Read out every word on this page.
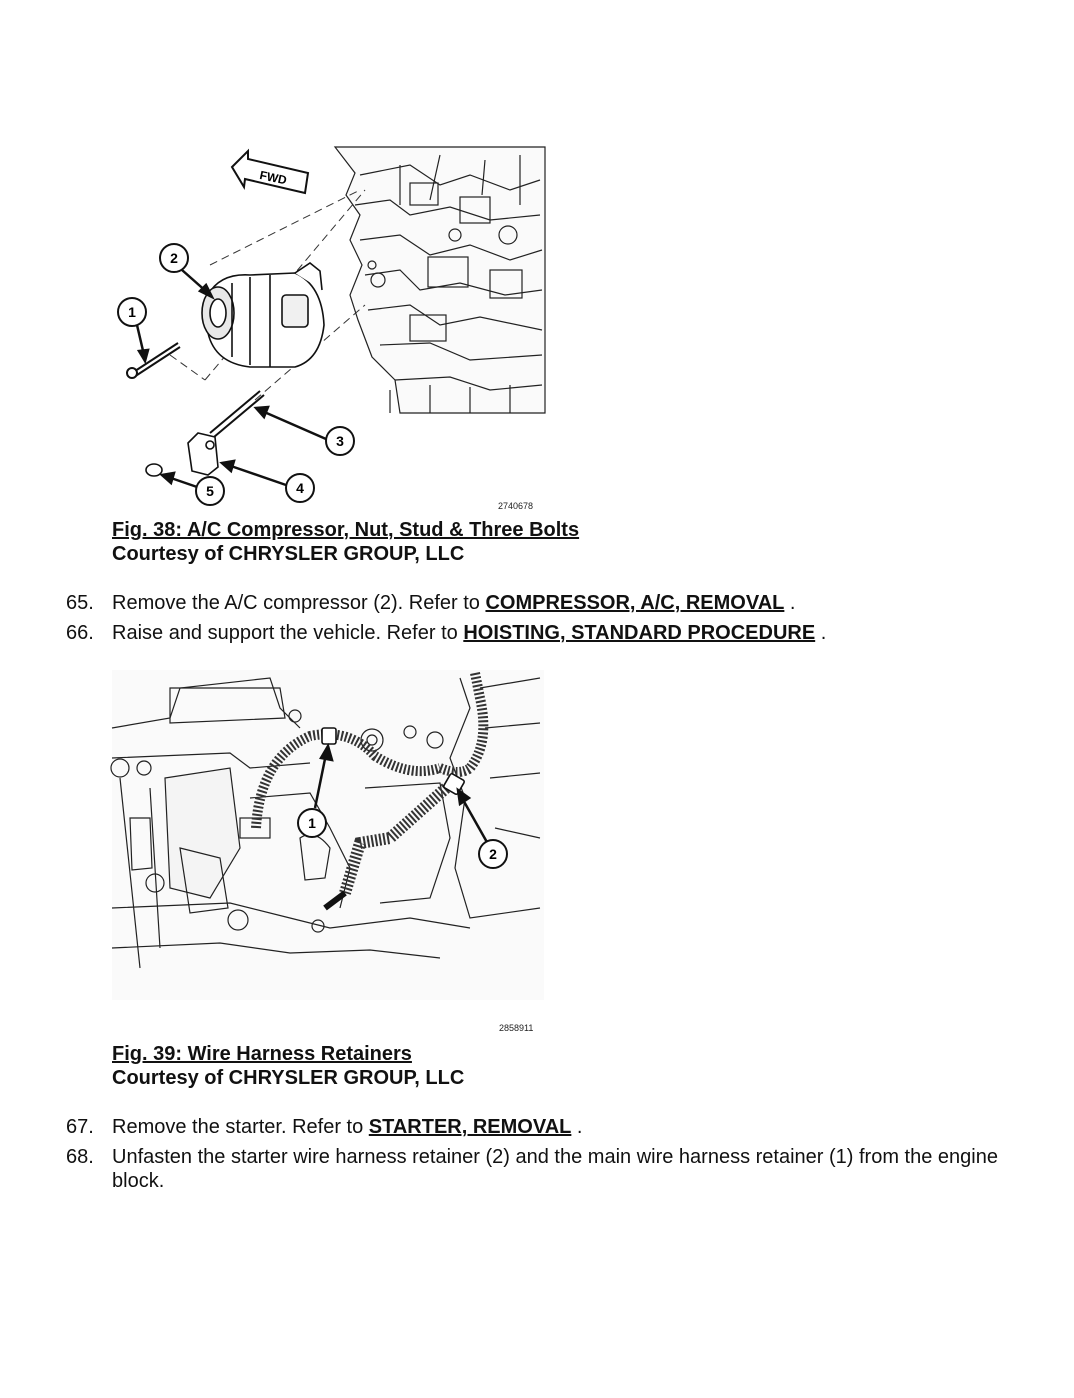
FWD
2
1
3
4
5
2740678
Fig. 38: A/C Compressor, Nut, Stud & Three Bolts
Courtesy of CHRYSLER GROUP, LLC
65. Remove the A/C compressor (2). Refer to COMPRESSOR, A/C, REMOVAL .
66. Raise and support the vehicle. Refer to HOISTING, STANDARD PROCEDURE .
1
2
2858911
Fig. 39: Wire Harness Retainers
Courtesy of CHRYSLER GROUP, LLC
67. Remove the starter. Refer to STARTER, REMOVAL .
68. Unfasten the starter wire harness retainer (2) and the main wire harness retainer (1) from the engine block.
